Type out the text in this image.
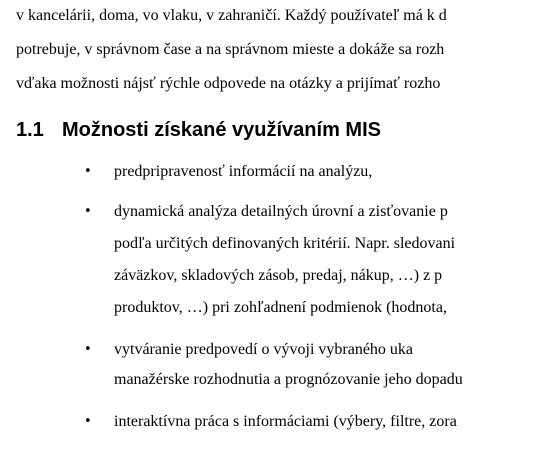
v kancelárii, doma, vo vlaku, v zahraničí. Každý používateľ má k d
potrebuje, v správnom čase a na správnom mieste a dokáže sa rozh
vďaka možnosti nájsť rýchle odpovede na otázky a prijímať rozho
1.1 Možnosti získané využívaním MIS
• predpripravenosť informácií na analýzu,
• dynamická analýza detailných úrovní a zisťovanie p
podľa určitých definovaných kritérií. Napr. sledovani
záväzkov, skladových zásob, predaj, nákup, …) z p
produktov, …) pri zohľadnení podmienok (hodnota,
• vytváranie predpovedí o vývoji vybraného uka
manažérske rozhodnutia a prognózovanie jeho dopadu
• interaktívna práca s informáciami (výbery, filtre, zora
